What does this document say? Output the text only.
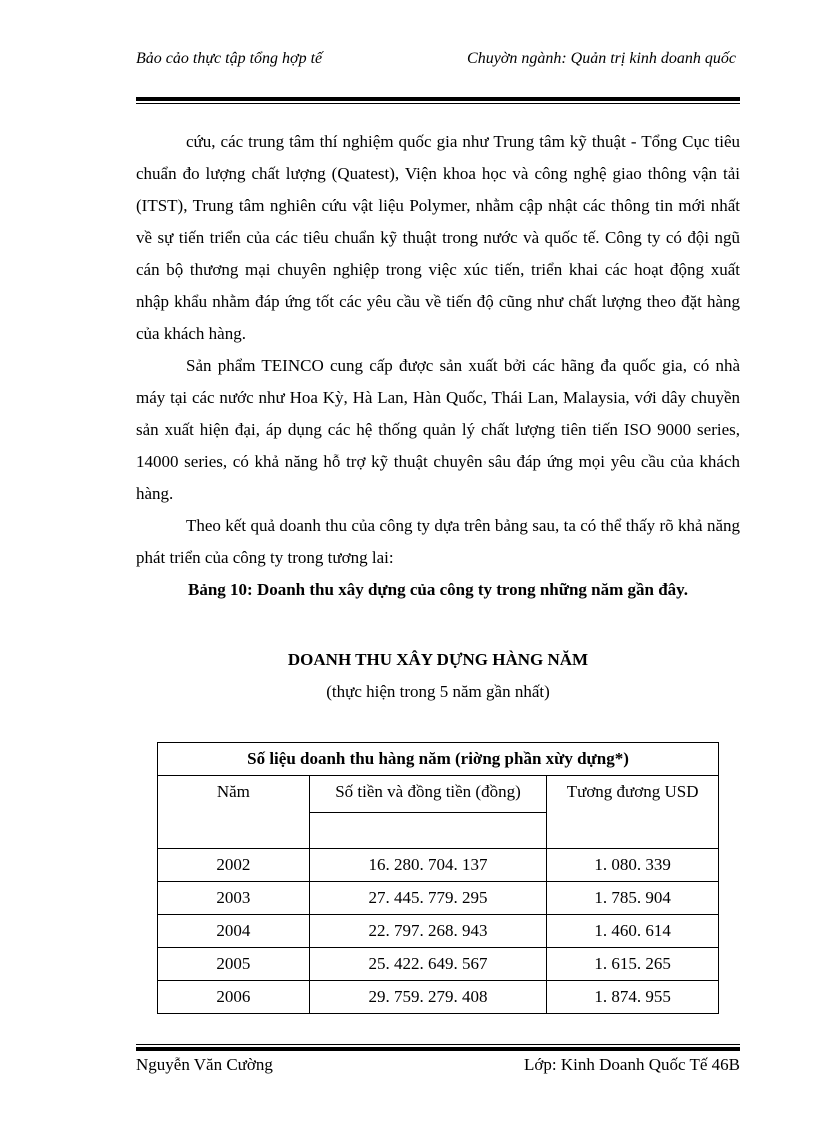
Bảo cảo thực tập tổng hợp tế	Chuyờn ngành: Quản trị kinh doanh quốc

cứu, các trung tâm thí nghiệm quốc gia như Trung tâm kỹ thuật - Tổng Cục tiêu chuẩn đo lượng chất lượng (Quatest), Viện khoa học và công nghệ giao thông vận tải (ITST), Trung tâm nghiên cứu vật liệu Polymer, nhằm cập nhật các thông tin mới nhất về sự tiến triển của các tiêu chuẩn kỹ thuật trong nước và quốc tế. Công ty có đội ngũ cán bộ thương mại chuyên nghiệp trong việc xúc tiến, triển khai các hoạt động xuất nhập khẩu nhằm đáp ứng tốt các yêu cầu về tiến độ cũng như chất lượng theo đặt hàng của khách hàng.

Sản phẩm TEINCO cung cấp được sản xuất bởi các hãng đa quốc gia, có nhà máy tại các nước như Hoa Kỳ, Hà Lan, Hàn Quốc, Thái Lan, Malaysia, với dây chuyền sản xuất hiện đại, áp dụng các hệ thống quản lý chất lượng tiên tiến ISO 9000 series, 14000 series, có khả năng hỗ trợ kỹ thuật chuyên sâu đáp ứng mọi yêu cầu của khách hàng.

Theo kết quả doanh thu của công ty dựa trên bảng sau, ta có thể thấy rõ khả năng phát triển của công ty trong tương lai:

Bảng 10: Doanh thu xây dựng của công ty trong những năm gần đây.
DOANH THU XÂY DỰNG HÀNG NĂM
(thực hiện trong 5 năm gần nhất)
Số liệu doanh thu hàng năm (riờng phần xừy dựng*)		
Năm	Số tiền và đồng tiền (đồng)	Tương đương USD

2002	16. 280. 704. 137	1. 080. 339
2003	27. 445. 779. 295	1. 785. 904
2004	22. 797. 268. 943	1. 460. 614
2005	25. 422. 649. 567	1. 615. 265
2006	29. 759. 279. 408	1. 874. 955
Nguyễn Văn Cường	Lớp: Kinh Doanh Quốc Tế 46B
